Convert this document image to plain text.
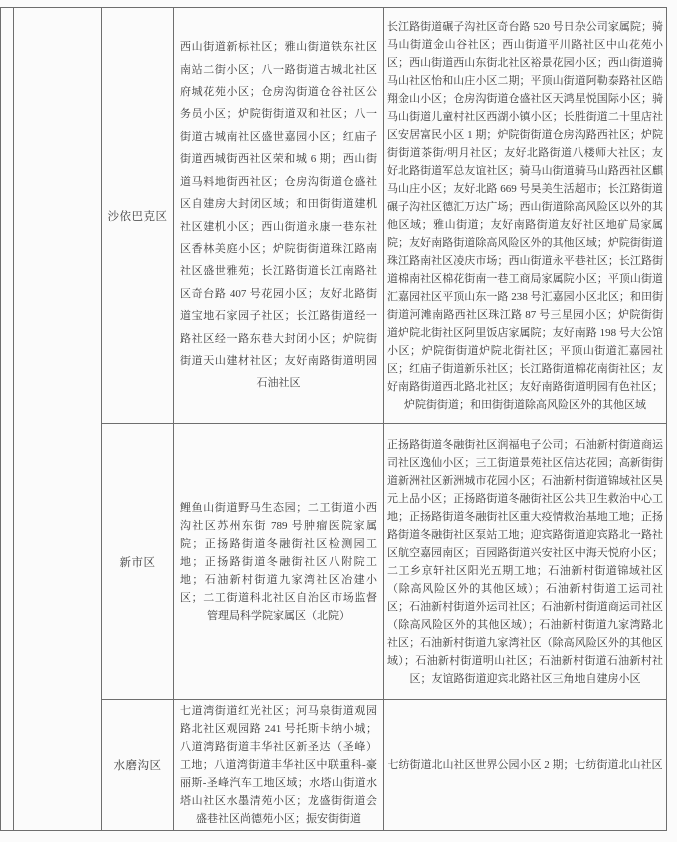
		沙依巴克区	西山街道新标社区；雅山街道铁东社区南站二街小区；八一路街道古城北社区府城花苑小区；仓房沟街道仓谷社区公务员小区；炉院街街道双和社区；八一街道古城南社区盛世嘉园小区；红庙子街道西城街西社区荣和城 6 期；西山街道马料地街西社区；仓房沟街道仓盛社区自建房大封闭区域；和田街街道建机社区建机小区；西山街道永康一巷东社区香林美庭小区；炉院街街道珠江路南社区盛世雅苑；长江路街道长江南路社区奇台路 407 号花园小区；友好北路街道宝地石家园子社区；长江路街道经一路社区经一路东巷大封闭小区；炉院街街道天山建材社区；友好南路街道明园石油社区	长江路街道碾子沟社区奇台路 520 号日杂公司家属院；骑马山街道金山谷社区；西山街道平川路社区中山花苑小区；西山街道西山东街北社区裕景花园小区；西山街道骑马山社区怡和山庄小区二期；平顶山街道阿勒泰路社区皓翔金山小区；仓房沟街道仓盛社区天鸿星悦国际小区；骑马山街道儿童村社区西湖小镇小区；长胜街道二十里店社区安居富民小区 1 期；炉院街街道仓房沟路西社区；炉院街街道茶街/明月社区；友好北路街道八楼师大社区；友好北路街道军总友谊社区；骑马山街道骑马山路西社区麒马山庄小区；友好北路 669 号昊美生活超市；长江路街道碾子沟社区德汇万达广场；西山街道除高风险区以外的其他区域；雅山街道；友好南路街道友好社区地矿局家属院；友好南路街道除高风险区外的其他区域；炉院街街道珠江路南社区凌庆市场；西山街道永平巷社区；长江路街道棉南社区棉花街南一巷工商局家属院小区；平顶山街道汇嘉园社区平顶山东一路 238 号汇嘉园小区北区；和田街街道河滩南路西社区珠江路 87 号三星园小区；炉院街街道炉院北街社区阿里饭店家属院；友好南路 198 号大公馆小区；炉院街街道炉院北街社区；平顶山街道汇嘉园社区；红庙子街道新乐社区；长江路街道棉花南街社区；友好南路街道西北路北社区；友好南路街道明园有色社区；炉院街街道；和田街街道除高风险区外的其他区域
		新市区	鲤鱼山街道野马生态园；二工街道小西沟社区苏州东街 789 号肿瘤医院家属院；正扬路街道冬融街社区检测园工地；正扬路街道冬融街社区八附院工地；石油新村街道九家湾社区冶建小区；二工街道科北社区自治区市场监督管理局科学院家属区（北院）	正扬路街道冬融街社区润福电子公司；石油新村街道商运司社区逸仙小区；三工街道景苑社区信达花园；高新街街道新洲社区新洲城市花园小区；石油新村街道锦域社区昊元上品小区；正扬路街道冬融街社区公共卫生救治中心工地；正扬路街道冬融街社区重大疫情救治基地工地；正扬路街道冬融街社区泵站工地；迎宾路街道迎宾路北一路社区航空嘉园南区；百园路街道兴安社区中海天悦府小区；二工乡京轩社区阳光五期工地；石油新村街道锦域社区（除高风险区外的其他区域）；石油新村街道工运司社区；石油新村街道外运司社区；石油新村街道商运司社区（除高风险区外的其他区域）；石油新村街道九家湾路北社区；石油新村街道九家湾社区（除高风险区外的其他区域）；石油新村街道明山社区；石油新村街道石油新村社区；友谊路街道迎宾北路社区三角地自建房小区
		水磨沟区	七道湾街道红光社区；河马泉街道观园路北社区观园路 241 号托斯卡纳小城；八道湾路街道丰华社区新圣达（圣峰）工地；八道湾街道丰华社区中联重科-豪丽斯-圣峰汽车工地区域；水塔山街道水塔山社区水墨清苑小区；龙盛街街道会盛巷社区尚德苑小区；振安街街道	七纺街道北山社区世界公园小区 2 期；七纺街道北山社区
